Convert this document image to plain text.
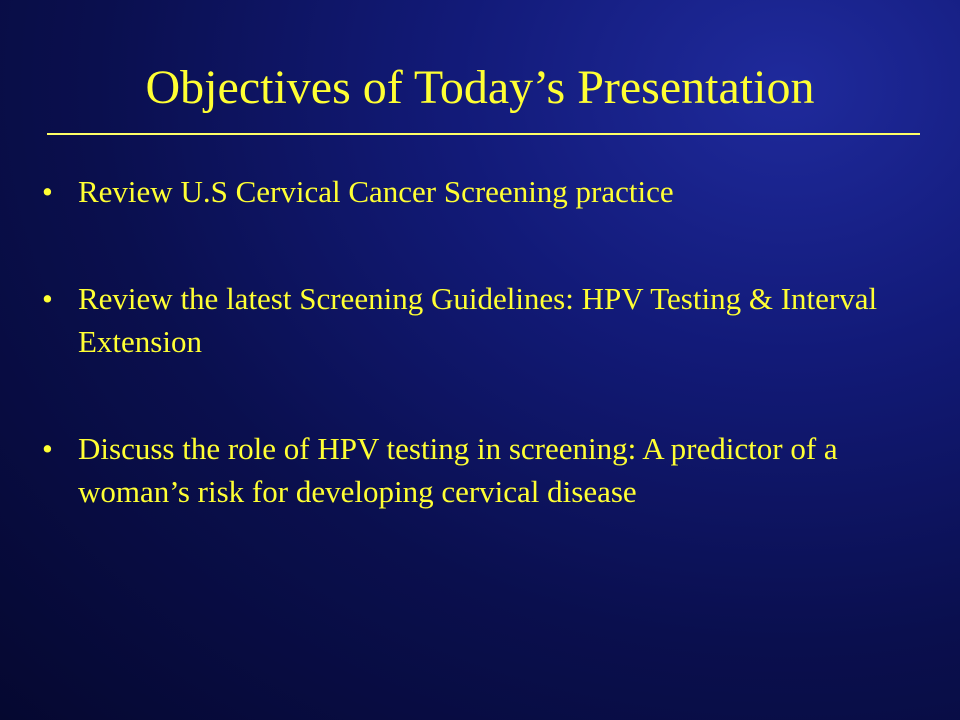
Objectives of Today’s Presentation
• Review U.S Cervical Cancer Screening practice
• Review the latest Screening Guidelines: HPV Testing & Interval Extension
• Discuss the role of HPV testing in screening: A predictor of a woman’s risk for developing cervical disease
